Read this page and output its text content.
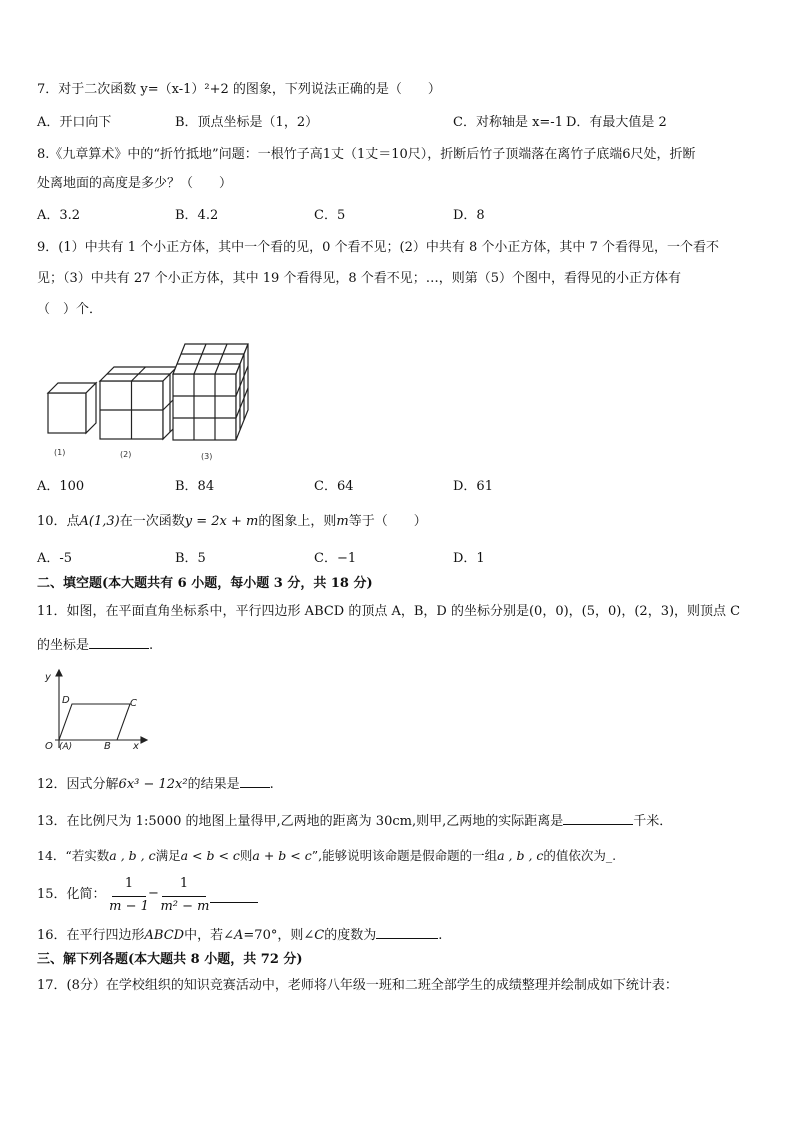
7．对于二次函数 y=（x-1）²+2 的图象，下列说法正确的是（　　）
A．开口向下	B．顶点坐标是（1，2）	C．对称轴是 x=-1 D．有最大值是 2
8.《九章算术》中的“折竹抵地”问题：一根竹子高1丈（1丈＝10尺），折断后竹子顶端落在离竹子底端6尺处，折断
处离地面的高度是多少？（　　）
A．3.2	B．4.2	C．5	D．8
9．(1）中共有 1 个小正方体，其中一个看的见，0 个看不见；(2）中共有 8 个小正方体，其中 7 个看得见，一个看不
见；（3）中共有 27 个小正方体，其中 19 个看得见，8 个看不见；…，则第（5）个图中，看得见的小正方体有
（　）个．
(1)	(2)	(3)
A．100	B．84	C．64	D．61
10．点A(1,3)在一次函数y = 2x + m的图象上，则m等于（　　）
A．-5	B．5	C．−1	D．1
二、填空题(本大题共有 6 小题，每小题 3 分，共 18 分)
11．如图，在平面直角坐标系中，平行四边形 ABCD 的顶点 A，B，D 的坐标分别是(0，0)，(5，0)，(2，3)，则顶点 C
的坐标是	.
y
x
O (A)	B
C
D
12．因式分解6x³ − 12x²的结果是 .
13．在比例尺为 1:5000 的地图上量得甲,乙两地的距离为 30cm,则甲,乙两地的实际距离是	千米．
14．“若实数a , b , c满足a < b < c则a + b < c”,能够说明该命题是假命题的一组a , b , c的值依次为_.
15．化简：
1
m − 1
−
1
m² − m
16．在平行四边形ABCD中，若∠A=70°，则∠C的度数为	.
三、解下列各题(本大题共 8 小题，共 72 分)
17．(8分）在学校组织的知识竞赛活动中，老师将八年级一班和二班全部学生的成绩整理并绘制成如下统计表：
